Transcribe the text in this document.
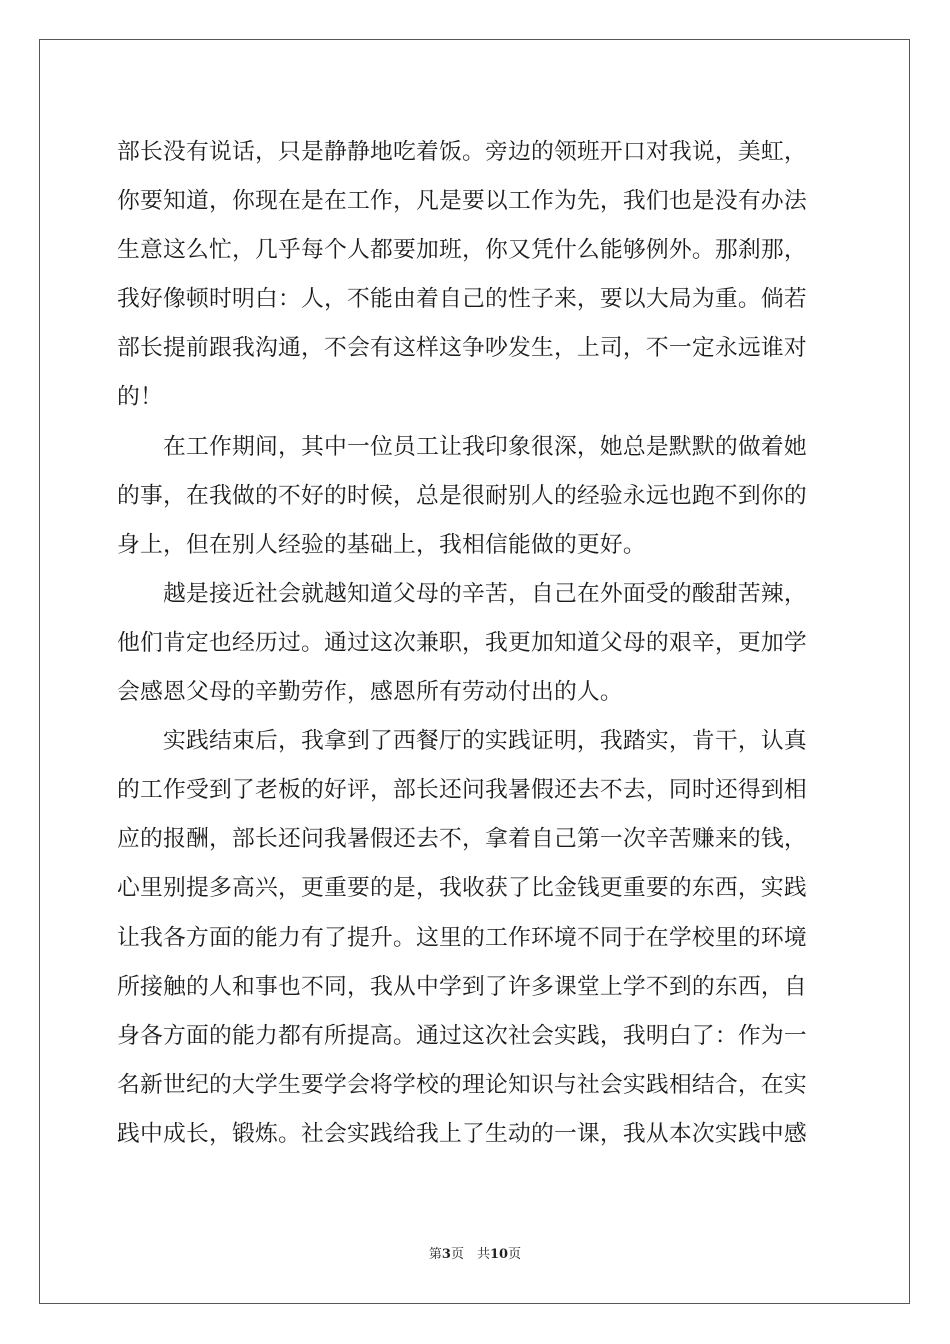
部长没有说话，只是静静地吃着饭。旁边的领班开口对我说，美虹，
你要知道，你现在是在工作，凡是要以工作为先，我们也是没有办法
生意这么忙，几乎每个人都要加班，你又凭什么能够例外。那刹那，
我好像顿时明白：人，不能由着自己的性子来，要以大局为重。倘若
部长提前跟我沟通，不会有这样这争吵发生，上司，不一定永远谁对
的！
　　在工作期间，其中一位员工让我印象很深，她总是默默的做着她
的事，在我做的不好的时候，总是很耐别人的经验永远也跑不到你的
身上，但在别人经验的基础上，我相信能做的更好。
　　越是接近社会就越知道父母的辛苦，自己在外面受的酸甜苦辣，
他们肯定也经历过。通过这次兼职，我更加知道父母的艰辛，更加学
会感恩父母的辛勤劳作，感恩所有劳动付出的人。
　　实践结束后，我拿到了西餐厅的实践证明，我踏实，肯干，认真
的工作受到了老板的好评，部长还问我暑假还去不去，同时还得到相
应的报酬，部长还问我暑假还去不，拿着自己第一次辛苦赚来的钱，
心里别提多高兴，更重要的是，我收获了比金钱更重要的东西，实践
让我各方面的能力有了提升。这里的工作环境不同于在学校里的环境
所接触的人和事也不同，我从中学到了许多课堂上学不到的东西，自
身各方面的能力都有所提高。通过这次社会实践，我明白了：作为一
名新世纪的大学生要学会将学校的理论知识与社会实践相结合，在实
践中成长，锻炼。社会实践给我上了生动的一课，我从本次实践中感
第3页　共10页
